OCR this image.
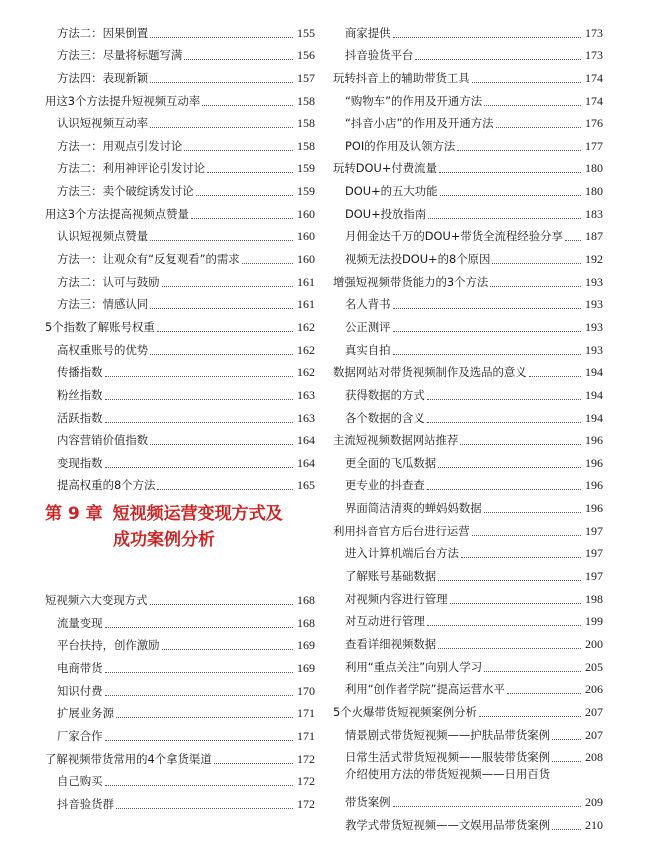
方法二：因果倒置	155
方法三：尽量将标题写满	156
方法四：表现新颖	157
用这3个方法提升短视频互动率	158
认识短视频互动率	158
方法一：用观点引发讨论	158
方法二：利用神评论引发讨论	159
方法三：卖个破绽诱发讨论	159
用这3个方法提高视频点赞量	160
认识短视频点赞量	160
方法一：让观众有“反复观看”的需求	160
方法二：认可与鼓励	161
方法三：情感认同	161
5个指数了解账号权重	162
高权重账号的优势	162
传播指数	162
粉丝指数	163
活跃指数	163
内容营销价值指数	164
变现指数	164
提高权重的8个方法	165
第 9 章 短视频运营变现方式及
成功案例分析
短视频六大变现方式	168
流量变现	168
平台扶持，创作激励	169
电商带货	169
知识付费	170
扩展业务源	171
厂家合作	171
了解视频带货常用的4个拿货渠道	172
自己购买	172
抖音验货群	172
商家提供	173
抖音验货平台	173
玩转抖音上的辅助带货工具	174
“购物车”的作用及开通方法	174
“抖音小店”的作用及开通方法	176
POI的作用及认领方法	177
玩转DOU+付费流量	180
DOU+的五大功能	180
DOU+投放指南	183
月佣金达千万的DOU+带货全流程经验分享 187
视频无法投DOU+的8个原因	192
增强短视频带货能力的3个方法	193
名人背书	193
公正测评	193
真实自拍	193
数据网站对带货视频制作及选品的意义	194
获得数据的方式	194
各个数据的含义	194
主流短视频数据网站推荐	196
更全面的飞瓜数据	196
更专业的抖查查	196
界面简洁清爽的蝉妈妈数据	196
利用抖音官方后台进行运营	197
进入计算机端后台方法	197
了解账号基础数据	197
对视频内容进行管理	198
对互动进行管理	199
查看详细视频数据	200
利用“重点关注”向别人学习	205
利用“创作者学院”提高运营水平	206
5个火爆带货短视频案例分析	207
情景剧式带货短视频——护肤品带货案例	207
日常生活式带货短视频——服装带货案例	208
介绍使用方法的带货短视频——日用百货
带货案例	209
教学式带货短视频——文娱用品带货案例	210
